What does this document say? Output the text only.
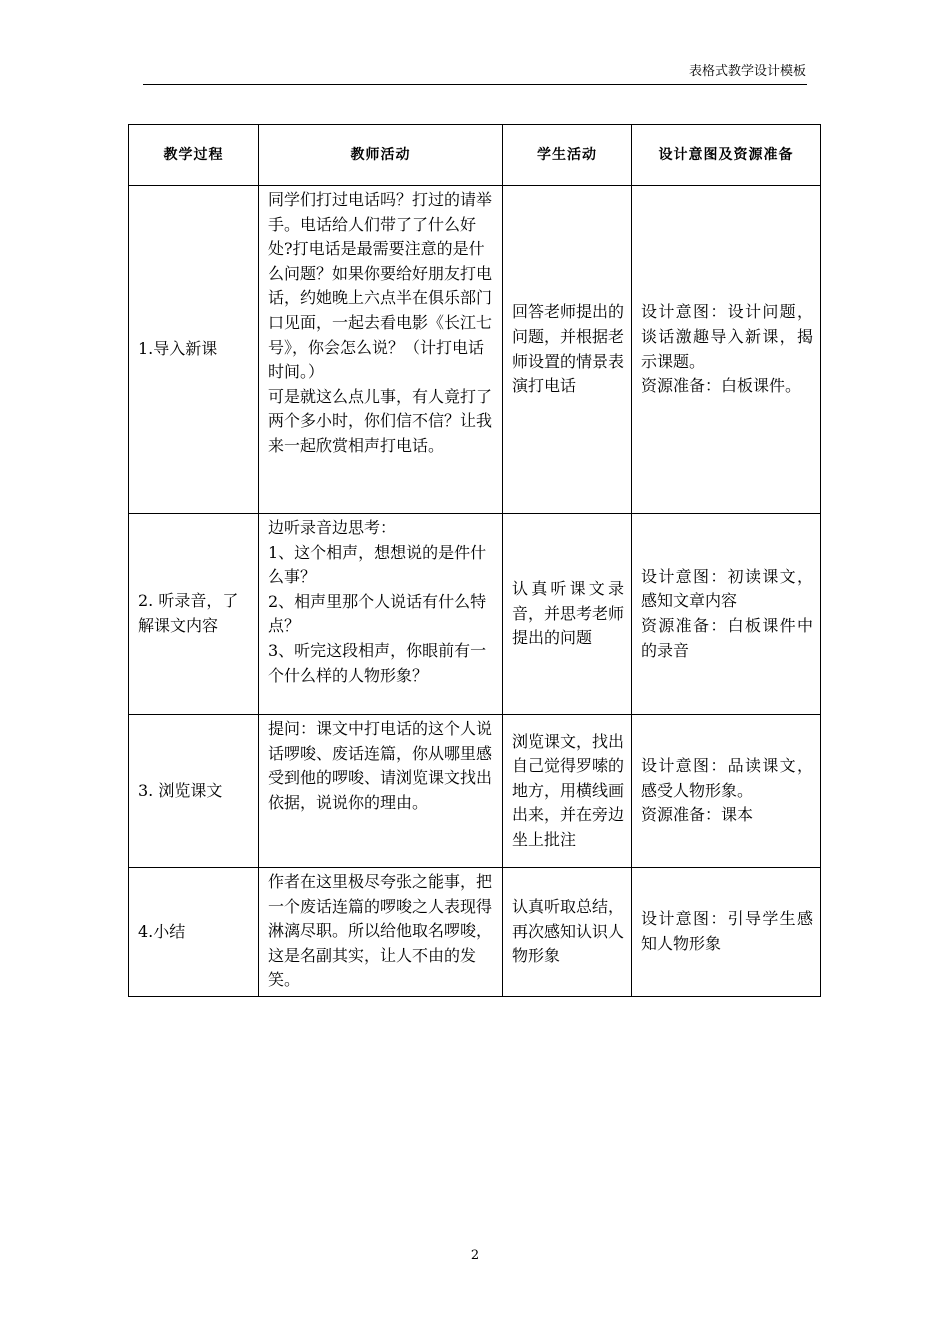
表格式教学设计模板
教学过程	教师活动	学生活动	设计意图及资源准备
1.导入新课	同学们打过电话吗？打过的请举手。电话给人们带了了什么好处?打电话是最需要注意的是什么问题？如果你要给好朋友打电话，约她晚上六点半在俱乐部门口见面，一起去看电影《长江七号》，你会怎么说？（计打电话时间。）
可是就这么点儿事，有人竟打了两个多小时，你们信不信？让我来一起欣赏相声打电话。	回答老师提出的问题，并根据老师设置的情景表演打电话	设计意图：设计问题，谈话激趣导入新课，揭示课题。
资源准备：白板课件。

2. 听录音，了解课文内容	边听录音边思考：
1、这个相声，想想说的是件什么事？
2、相声里那个人说话有什么特点？
3、听完这段相声，你眼前有一个什么样的人物形象？	认真听课文录音，并思考老师提出的问题	设计意图：初读课文，感知文章内容
资源准备：白板课件中的录音

3. 浏览课文	提问：课文中打电话的这个人说话啰唆、废话连篇，你从哪里感受到他的啰唆、请浏览课文找出依据，说说你的理由。	浏览课文，找出自己觉得罗嗦的地方，用横线画出来，并在旁边坐上批注	设计意图：品读课文，感受人物形象。
资源准备：课本

4.小结	作者在这里极尽夸张之能事，把一个废话连篇的啰唆之人表现得淋漓尽职。所以给他取名啰唆，这是名副其实，让人不由的发笑。	认真听取总结，再次感知认识人物形象	设计意图：引导学生感知人物形象
2
